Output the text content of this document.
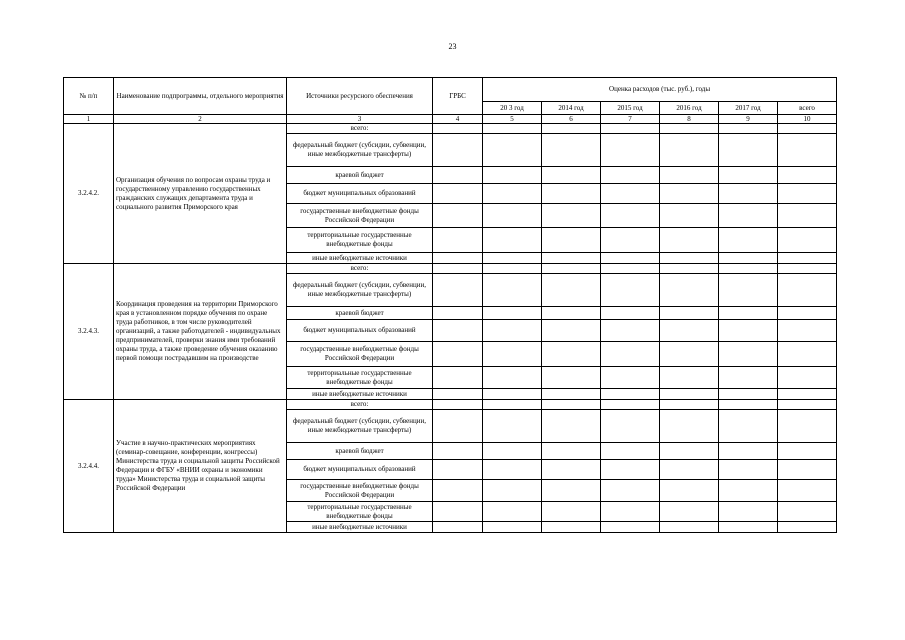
23
№ п/п	Наименование подпрограммы, отдельного мероприятия	Источники ресурсного обеспечения	ГРБС	Оценка расходов (тыс. руб.), годы					
				20 3 год	2014 год	2015 год	2016 год	2017 год	всего
1	2	3	4	5	6	7	8	9	10
3.2.4.2.	Организация обучения по вопросам охраны труда и государственному управлению государственных гражданских служащих департамента труда и социального развития Приморского края	всего:							
		федеральный бюджет (субсидии, субвенции, иные межбюджетные трансферты)							
		краевой бюджет							
		бюджет муниципальных образований							
		государственные внебюджетные фонды Российской Федерации							
		территориальные государственные внебюджетные фонды							
		иные внебюджетные источники							
3.2.4.3.	Координация проведения на территории Приморского края в установленном порядке обучения по охране труда работников, в том числе руководителей организаций, а также работодателей - индивидуальных предпринимателей, проверки знания ими требований охраны труда, а также проведение обучения оказанию первой помощи пострадавшим на производстве	всего:							
		федеральный бюджет (субсидии, субвенции, иные межбюджетные трансферты)							
		краевой бюджет							
		бюджет муниципальных образований							
		государственные внебюджетные фонды Российской Федерации							
		территориальные государственные внебюджетные фонды							
		иные внебюджетные источники							
3.2.4.4.	Участие в научно-практических мероприятиях (семинар-совещание, конференции, конгрессы) Министерства труда и социальной защиты Российской Федерации и ФГБУ «ВНИИ охраны и экономики труда» Министерства труда и социальной защиты Российской Федерации	всего:							
		федеральный бюджет (субсидии, субвенции, иные межбюджетные трансферты)							
		краевой бюджет							
		бюджет муниципальных образований							
		государственные внебюджетные фонды Российской Федерации							
		территориальные государственные внебюджетные фонды							
		иные внебюджетные источники							
